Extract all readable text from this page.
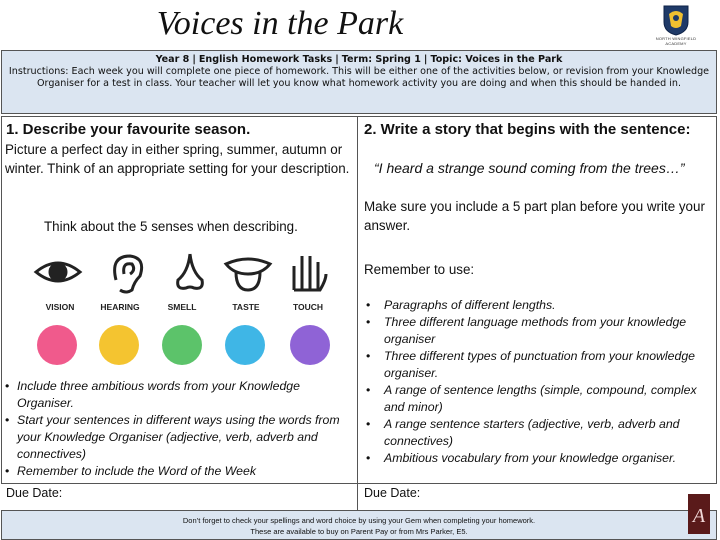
Voices in the Park	NORTH WINGFIELD
ACADEMY
Year 8 | English Homework Tasks | Term: Spring 1 | Topic: Voices in the Park
Instructions: Each week you will complete one piece of homework. This will be either one of the activities below, or revision from your Knowledge Organiser for a test in class. Your teacher will let you know what homework activity you are doing and when this should be handed in.
1. Describe your favourite season.
Picture a perfect day in either spring, summer, autumn or winter. Think of an appropriate setting for your description.
Think about the 5 senses when describing.
VISION	HEARING	SMELL	TASTE	TOUCH
• Include three ambitious words from your Knowledge Organiser.
• Start your sentences in different ways using the words from your Knowledge Organiser (adjective, verb, adverb and connectives)
• Remember to include the Word of the Week
Due Date:
2. Write a story that begins with the sentence:
“I heard a strange sound coming from the trees…”
Make sure you include a 5 part plan before you write your answer.
Remember to use:
• Paragraphs of different lengths.
• Three different language methods from your knowledge organiser
• Three different types of punctuation from your knowledge organiser.
• A range of sentence lengths (simple, compound, complex and minor)
• A range sentence starters (adjective, verb, adverb and connectives)
• Ambitious vocabulary from your knowledge organiser.
Due Date:
Don’t forget to check your spellings and word choice by using your Gem when completing your homework.
These are available to buy on Parent Pay or from Mrs Parker, E5.
A
